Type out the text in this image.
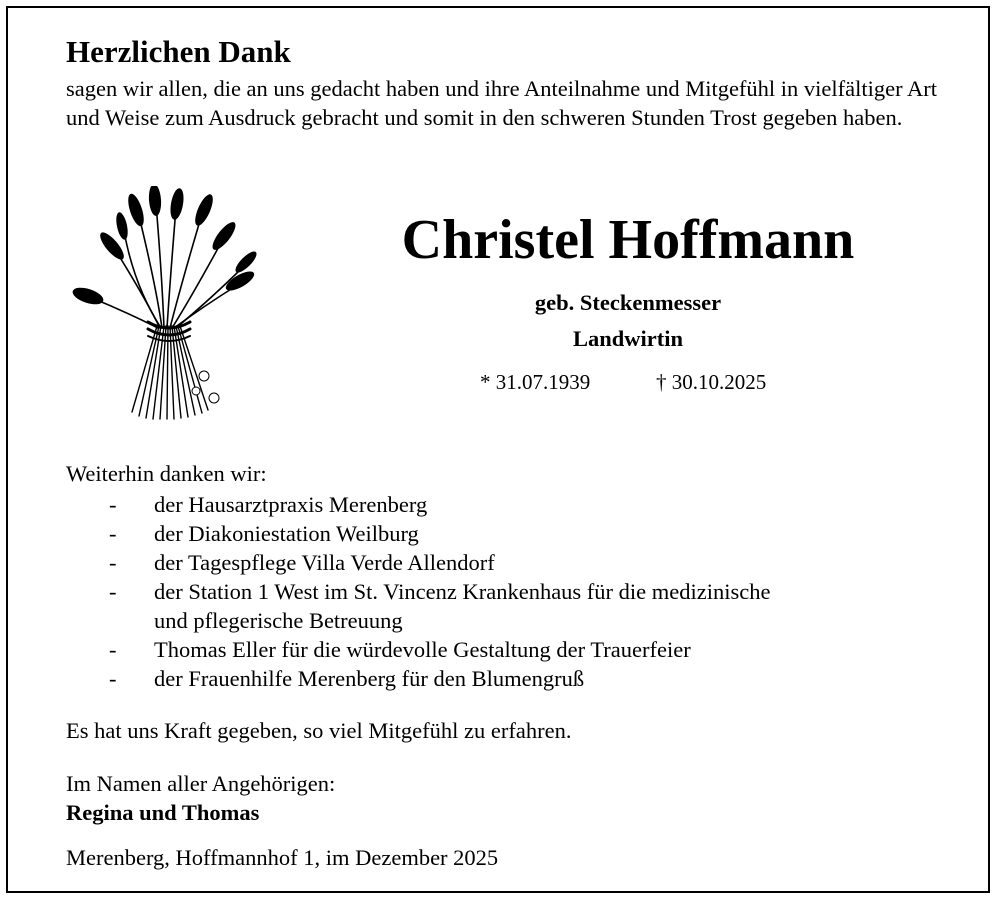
Herzlichen Dank
sagen wir allen, die an uns gedacht haben und ihre Anteilnahme und Mitgefühl in vielfältiger Art und Weise zum Ausdruck gebracht und somit in den schweren Stunden Trost gegeben haben.
Christel Hoffmann
geb. Steckenmesser
Landwirtin
* 31.07.1939	† 30.10.2025
Weiterhin danken wir:
- der Hausarztpraxis Merenberg
- der Diakoniestation Weilburg
- der Tagespflege Villa Verde Allendorf
- der Station 1 West im St. Vincenz Krankenhaus für die medizinische
und pflegerische Betreuung
- Thomas Eller für die würdevolle Gestaltung der Trauerfeier
- der Frauenhilfe Merenberg für den Blumengruß
Es hat uns Kraft gegeben, so viel Mitgefühl zu erfahren.
Im Namen aller Angehörigen:
Regina und Thomas
Merenberg, Hoffmannhof 1, im Dezember 2025
